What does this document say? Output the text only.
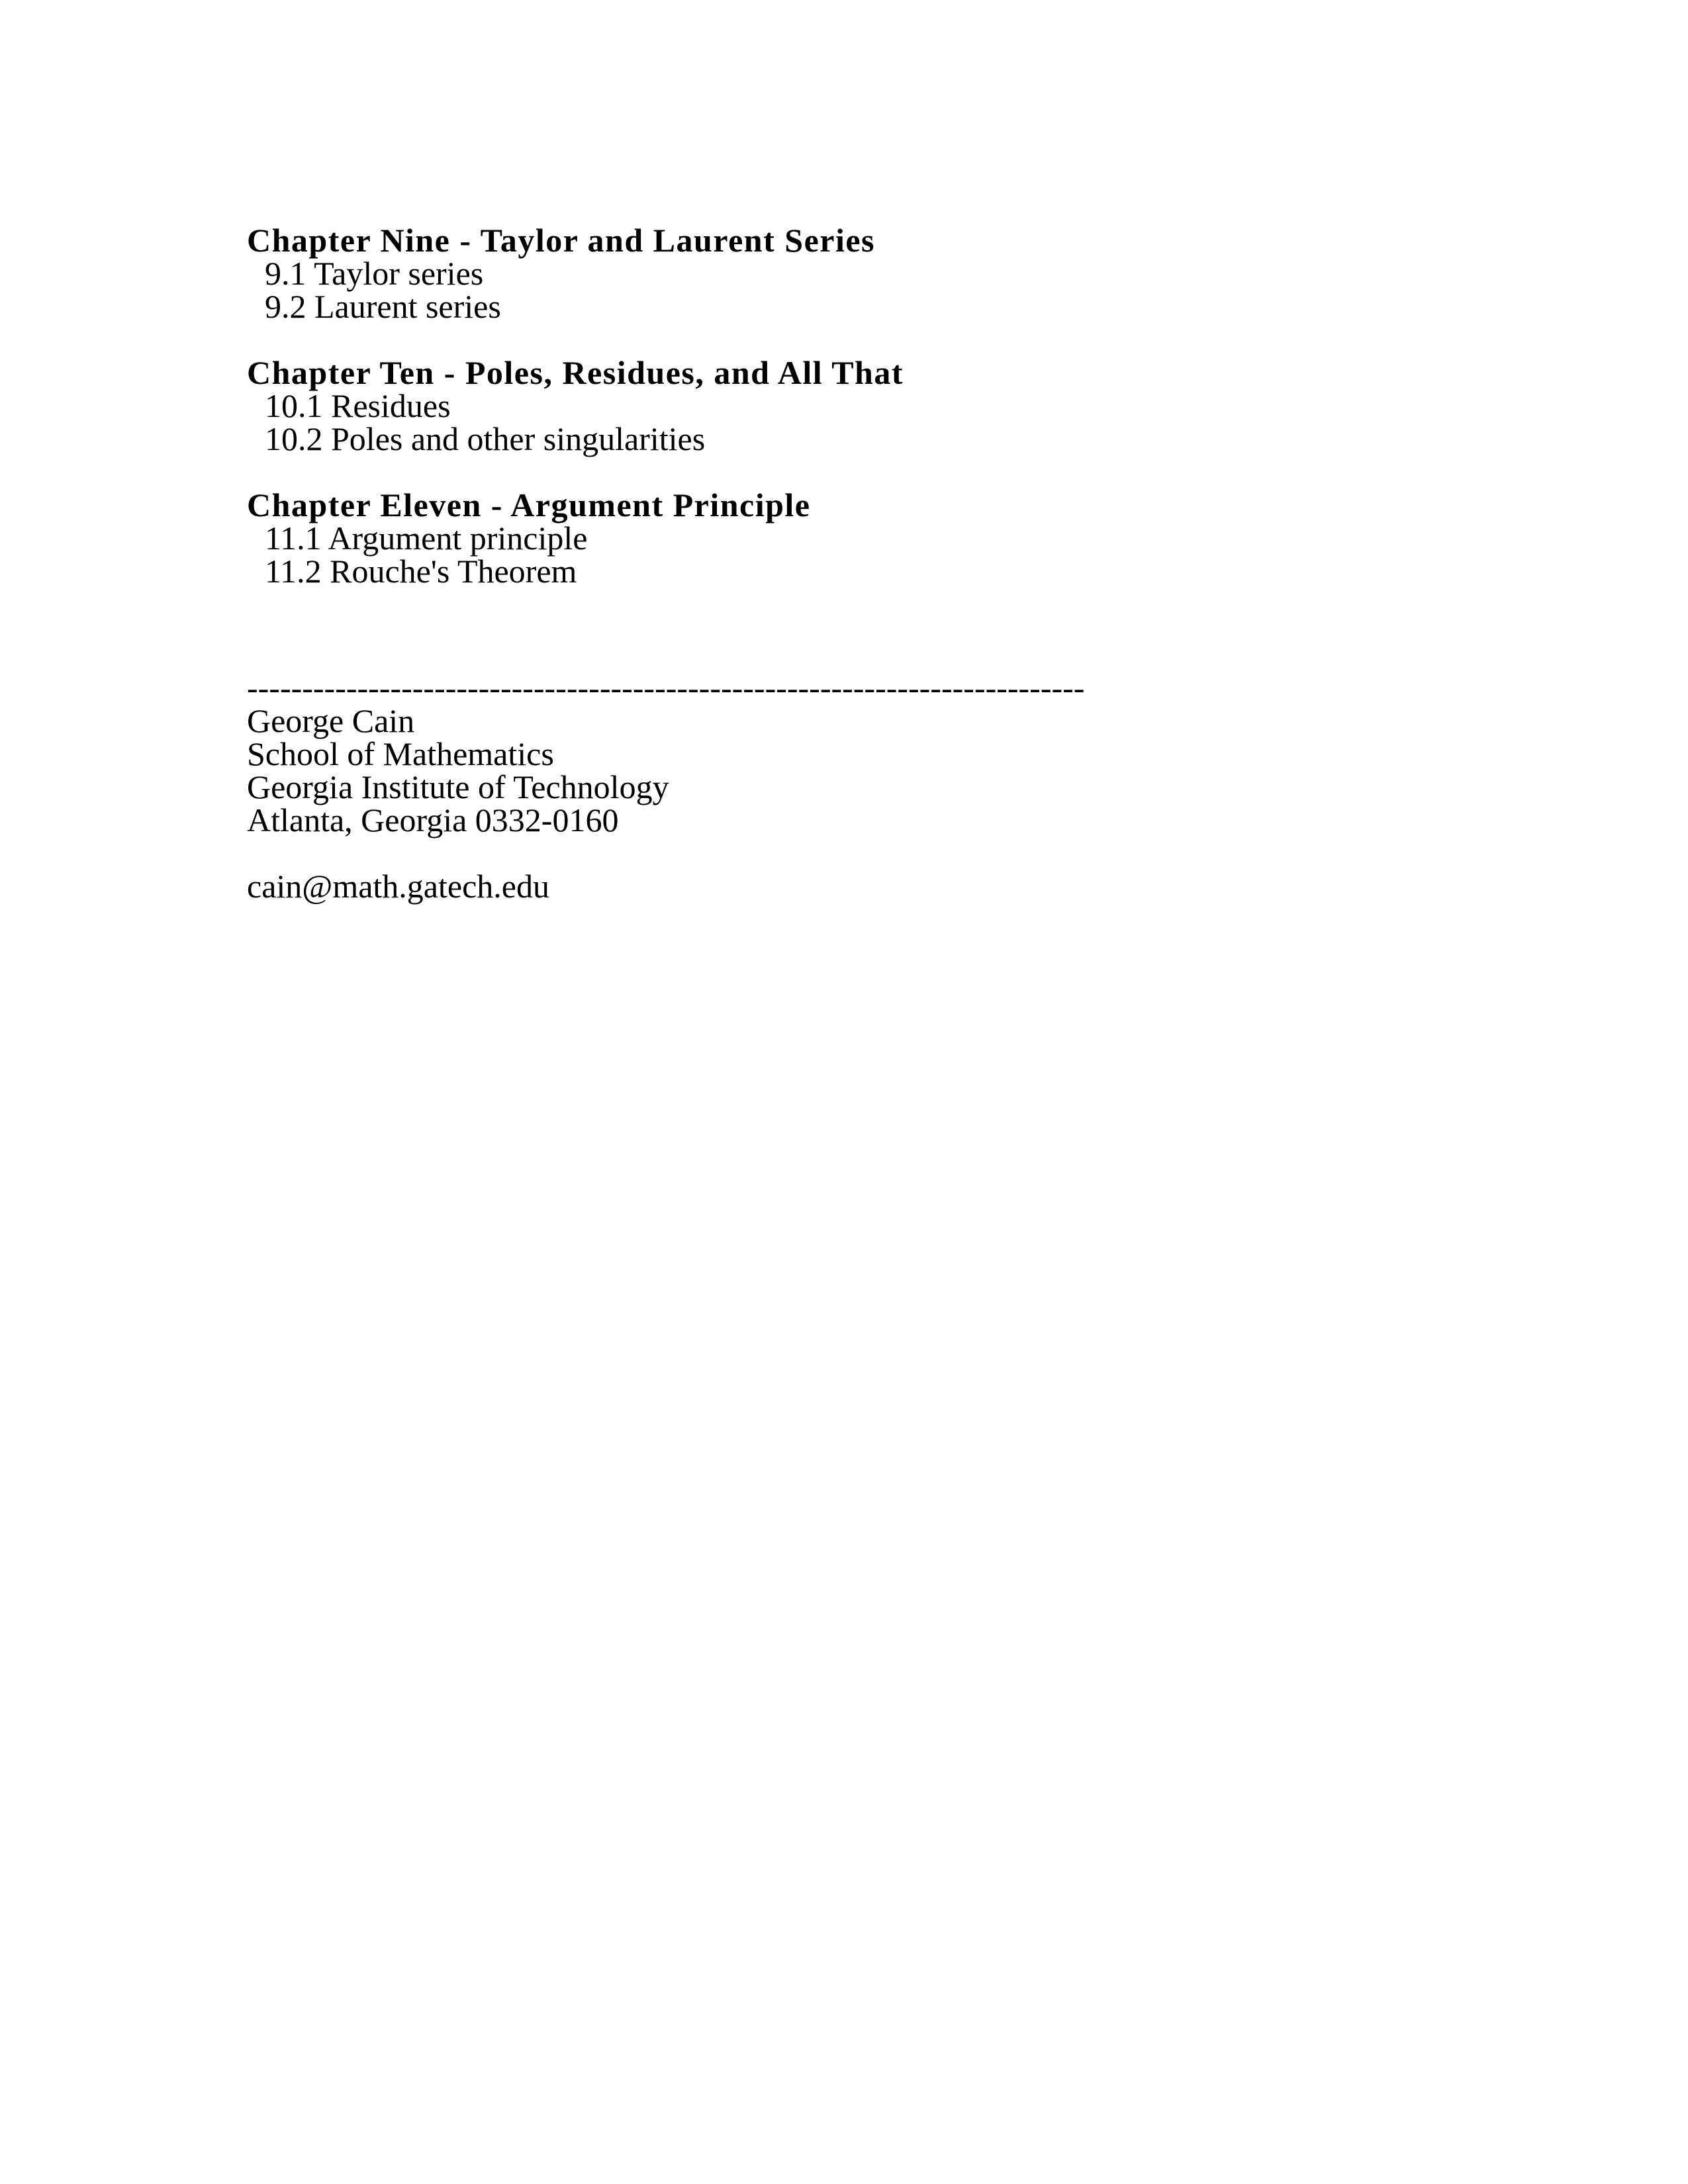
Chapter Nine - Taylor and Laurent Series
9.1 Taylor series
9.2 Laurent series
Chapter Ten - Poles, Residues, and All That
10.1 Residues
10.2 Poles and other singularities
Chapter Eleven - Argument Principle
11.1 Argument principle
11.2 Rouche's Theorem
----------------------------------------------------------------------------
George Cain
School of Mathematics
Georgia Institute of Technology
Atlanta, Georgia 0332-0160
cain@math.gatech.edu
